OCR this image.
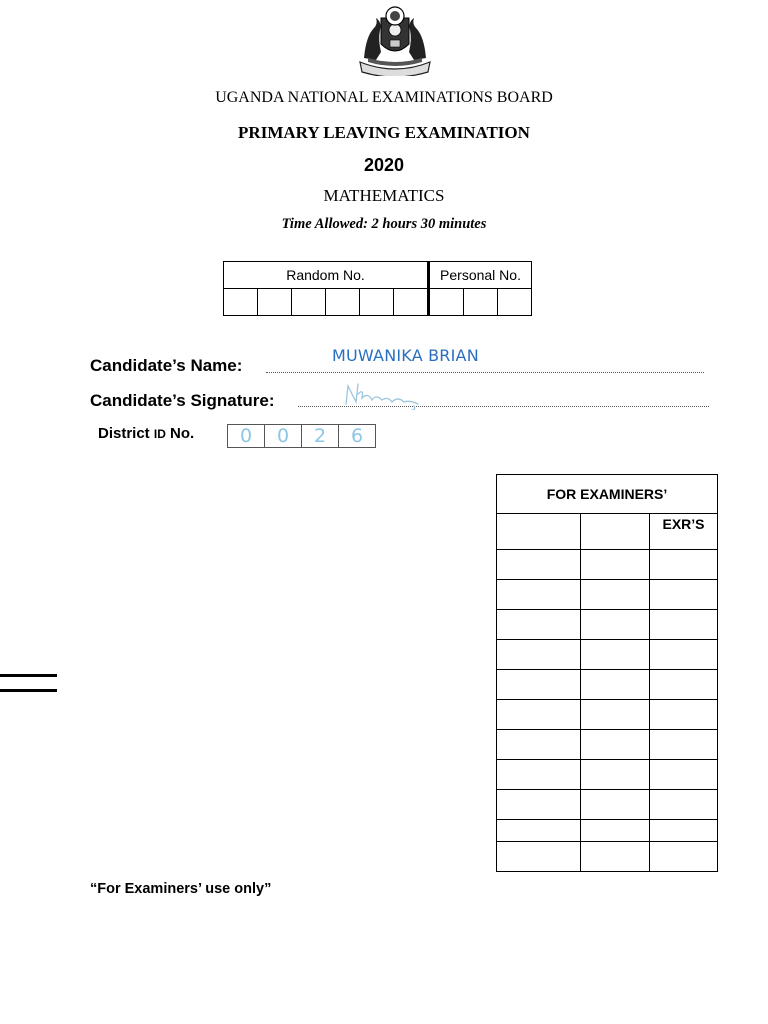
UGANDA NATIONAL EXAMINATIONS BOARD
PRIMARY LEAVING EXAMINATION
2020
MATHEMATICS
Time Allowed: 2 hours 30 minutes
Random No.						Personal No.		

Candidate’s Name:
MUWANIKA BRIAN
Candidate’s Signature:
District ID No. 0	0	2	6
FOR EXAMINERS’		
		EXR’S

“For Examiners’ use only”
